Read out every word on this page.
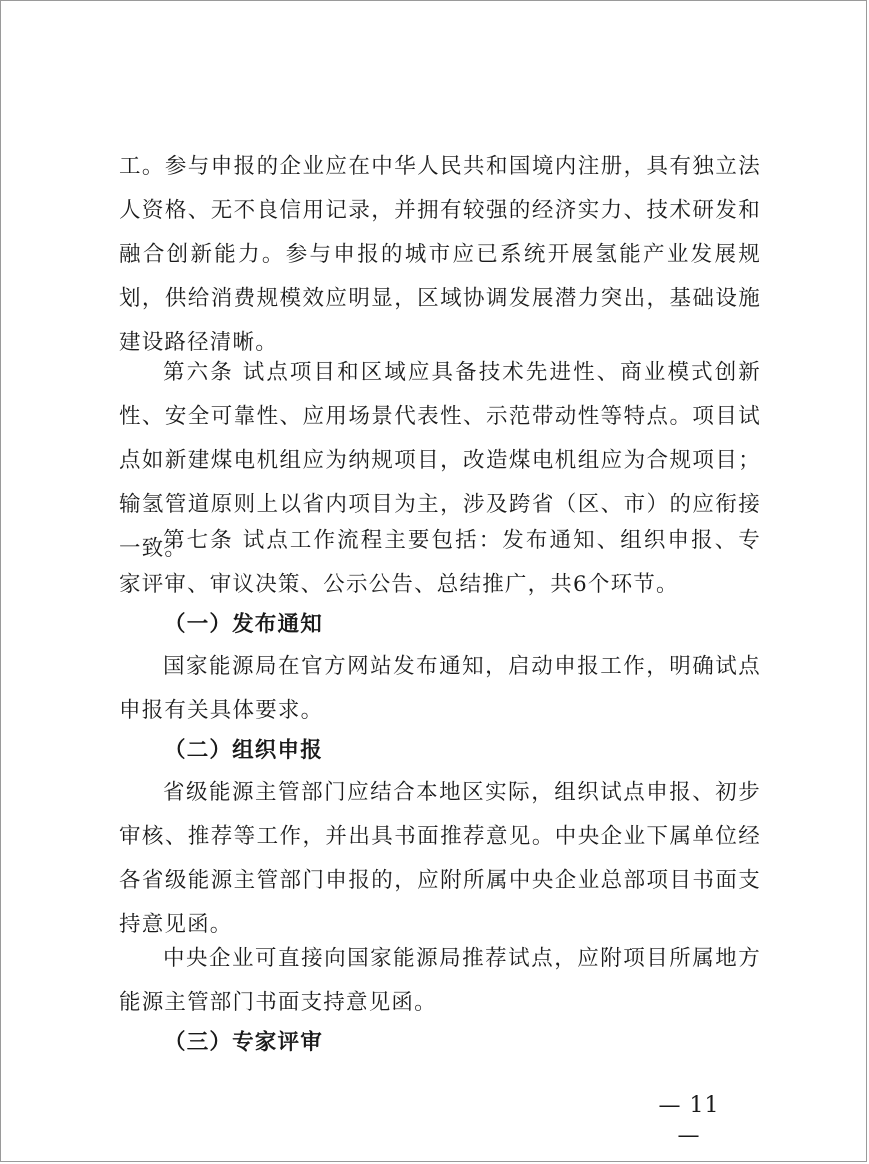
工。参与申报的企业应在中华人民共和国境内注册，具有独立法人资格、无不良信用记录，并拥有较强的经济实力、技术研发和融合创新能力。参与申报的城市应已系统开展氢能产业发展规划，供给消费规模效应明显，区域协调发展潜力突出，基础设施建设路径清晰。

第六条 试点项目和区域应具备技术先进性、商业模式创新性、安全可靠性、应用场景代表性、示范带动性等特点。项目试点如新建煤电机组应为纳规项目，改造煤电机组应为合规项目；输氢管道原则上以省内项目为主，涉及跨省（区、市）的应衔接一致。

第七条 试点工作流程主要包括：发布通知、组织申报、专家评审、审议决策、公示公告、总结推广，共6个环节。

（一）发布通知

国家能源局在官方网站发布通知，启动申报工作，明确试点申报有关具体要求。

（二）组织申报

省级能源主管部门应结合本地区实际，组织试点申报、初步审核、推荐等工作，并出具书面推荐意见。中央企业下属单位经各省级能源主管部门申报的，应附所属中央企业总部项目书面支持意见函。

中央企业可直接向国家能源局推荐试点，应附项目所属地方能源主管部门书面支持意见函。

（三）专家评审

— 11 —
